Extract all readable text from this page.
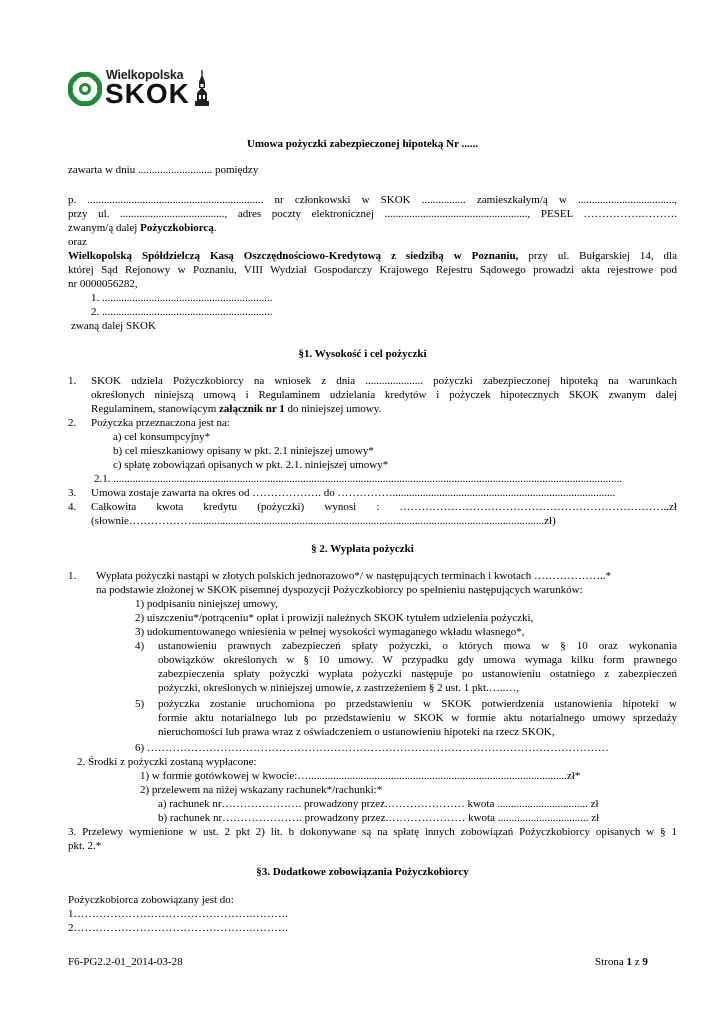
Wielkopolska
SKOK
Umowa pożyczki zabezpieczonej hipoteką Nr ......
zawarta w dniu ........................... pomiędzy
p. ................................................................ nr członkowski w SKOK ................ zamieszkałym/ą w ...................................,
przy ul. ......................................, adres poczty elektronicznej ...................................................., PESEL …………….……….
zwanym/ą dalej Pożyczkobiorcą.
oraz
Wielkopolską Spółdzielczą Kasą Oszczędnościowo-Kredytową z siedzibą w Poznaniu, przy ul. Bułgarskiej 14, dla
której Sąd Rejonowy w Poznaniu, VIII Wydział Gospodarczy Krajowego Rejestru Sądowego prowadzi akta rejestrowe pod
nr 0000056282,
1. ..............................................................
2. ..............................................................
zwaną dalej SKOK
§1. Wysokość i cel pożyczki
1. SKOK udziela Pożyczkobiorcy na wniosek z dnia ..................... pożyczki zabezpieczonej hipoteką na warunkach
określonych niniejszą umową i Regulaminem udzielania kredytów i pożyczek hipotecznych SKOK zwanym dalej
Regulaminem, stanowiącym załącznik nr 1 do niniejszej umowy.
2. Pożyczka przeznaczona jest na:
a) cel konsumpcyjny*
b) cel mieszkaniowy opisany w pkt. 2.1 niniejszej umowy*
c) spłatę zobowiązań opisanych w pkt. 2.1. niniejszej umowy*
2.1. .........................................................................................................................................................................................
3. Umowa zostaje zawarta na okres od ………………. do …………….................................................................................
4. Całkowita kwota kredytu (pożyczki) wynosi : ………………………………………………………………..zł
(słownie………………...............................................................................................................................zł)
§ 2. Wypłata pożyczki
1. Wypłata pożyczki nastąpi w złotych polskich jednorazowo*/ w następujących terminach i kwotach ………………..*
na podstawie złożonej w SKOK pisemnej dyspozycji Pożyczkobiorcy po spełnieniu następujących warunków:
1) podpisaniu niniejszej umowy,
2) uiszczeniu*/potrąceniu* opłat i prowizji należnych SKOK tytułem udzielenia pożyczki,
3) udokumentowanego wniesienia w pełnej wysokości wymaganego wkładu własnego*,
4) ustanowieniu prawnych zabezpieczeń spłaty pożyczki, o których mowa w § 10 oraz wykonania
obowiązków określonych w § 10 umowy. W przypadku gdy umowa wymaga kilku form prawnego
zabezpieczenia spłaty pożyczki wypłata pożyczki następuje po ustanowieniu ostatniego z zabezpieczeń
pożyczki, określonych w niniejszej umowie, z zastrzeżeniem § 2 ust. 1 pkt.…..…,
5) pożyczka zostanie uruchomiona po przedstawieniu w SKOK potwierdzenia ustanowienia hipoteki w
formie aktu notarialnego lub po przedstawieniu w SKOK w formie aktu notarialnego umowy sprzedaży
nieruchomości lub prawa wraz z oświadczeniem o ustanowieniu hipoteki na rzecz SKOK,
6) ………………………………………………………………………………………………………………
2. Środki z pożyczki zostaną wypłacone:
1) w formie gotówkowej w kwocie:…..............................................................................................zł*
2) przelewem na niżej wskazany rachunek*/rachunki:*
a) rachunek nr…………………. prowadzony przez.………………… kwota ................................. zł
b) rachunek nr…………………. prowadzony przez.………………… kwota ................................. zł
3. Przelewy wymienione w ust. 2 pkt 2) lit. b dokonywane są na spłatę innych zobowiązań Pożyczkobiorcy opisanych w § 1
pkt. 2.*
§3. Dodatkowe zobowiązania Pożyczkobiorcy
Pożyczkobiorca zobowiązany jest do:
1………………………………………….……….
2………………………………………….……….
F6-PG2.2-01_2014-03-28	Strona 1 z 9
